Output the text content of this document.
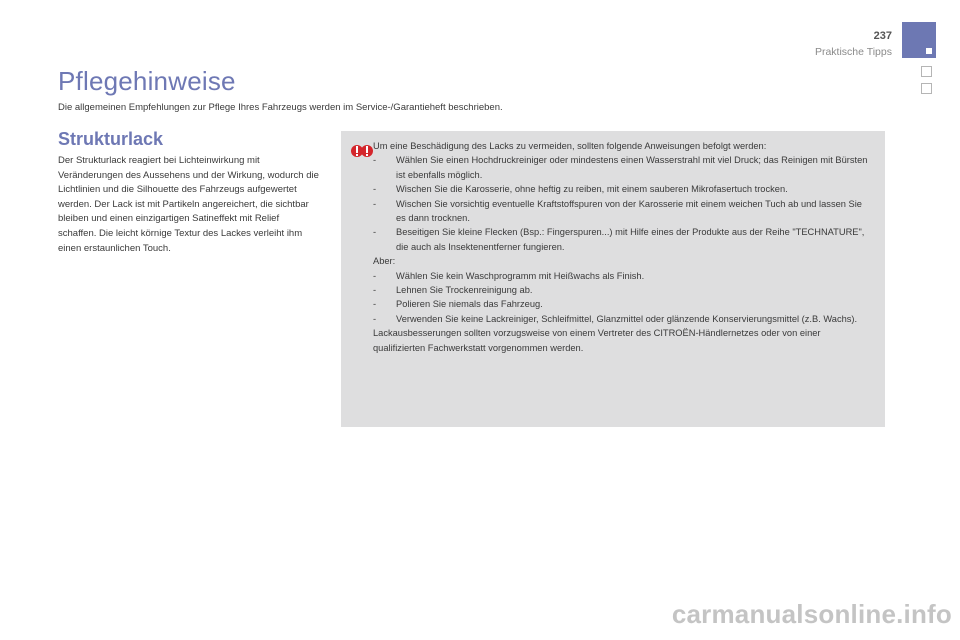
237
Praktische Tipps
Pflegehinweise
Die allgemeinen Empfehlungen zur Pflege Ihres Fahrzeugs werden im Service-/Garantieheft beschrieben.
Strukturlack
Der Strukturlack reagiert bei Lichteinwirkung mit Veränderungen des Aussehens und der Wirkung, wodurch die Lichtlinien und die Silhouette des Fahrzeugs aufgewertet werden. Der Lack ist mit Partikeln angereichert, die sichtbar bleiben und einen einzigartigen Satineffekt mit Relief schaffen. Die leicht körnige Textur des Lackes verleiht ihm einen erstaunlichen Touch.

Um eine Beschädigung des Lacks zu vermeiden, sollten folgende Anweisungen befolgt werden:

- Wählen Sie einen Hochdruckreiniger oder mindestens einen Wasserstrahl mit viel Druck; das Reinigen mit Bürsten ist ebenfalls möglich.

- Wischen Sie die Karosserie, ohne heftig zu reiben, mit einem sauberen Mikrofasertuch trocken.

- Wischen Sie vorsichtig eventuelle Kraftstoffspuren von der Karosserie mit einem weichen Tuch ab und lassen Sie es dann trocknen.

- Beseitigen Sie kleine Flecken (Bsp.: Fingerspuren...) mit Hilfe eines der Produkte aus der Reihe "TECHNATURE", die auch als Insektenentferner fungieren.

Aber:

- Wählen Sie kein Waschprogramm mit Heißwachs als Finish.

- Lehnen Sie Trockenreinigung ab.

- Polieren Sie niemals das Fahrzeug.

- Verwenden Sie keine Lackreiniger, Schleifmittel, Glanzmittel oder glänzende Konservierungsmittel (z.B. Wachs).

Lackausbesserungen sollten vorzugsweise von einem Vertreter des CITROËN-Händlernetzes oder von einer qualifizierten Fachwerkstatt vorgenommen werden.

carmanualsonline.info
